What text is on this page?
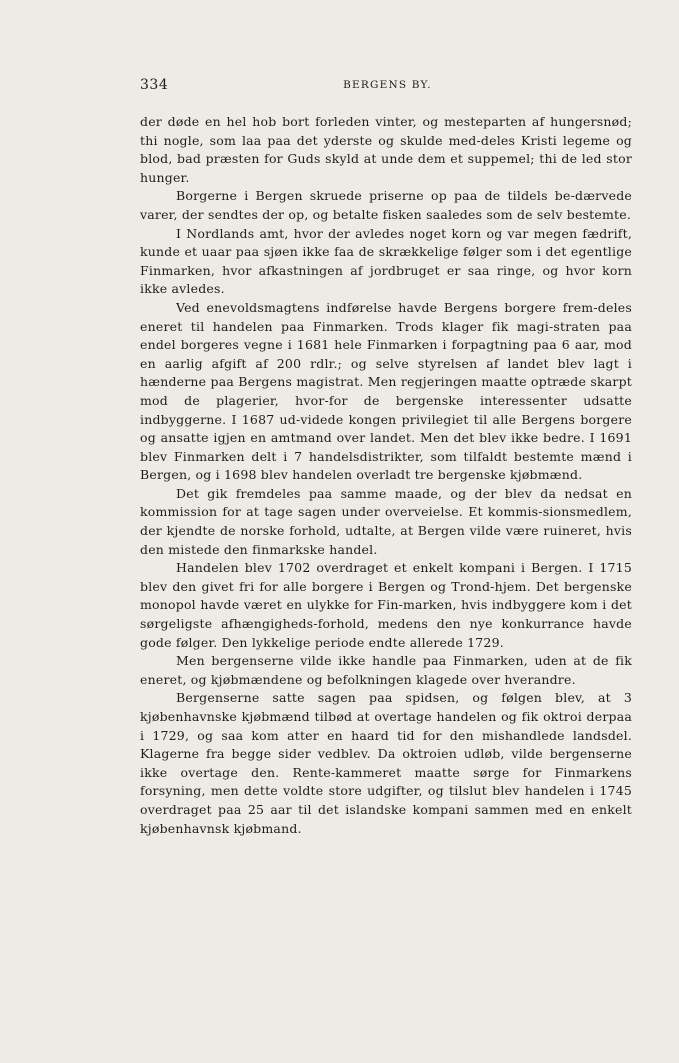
334	BERGENS BY.

der døde en hel hob bort forleden vinter, og mesteparten af hungersnød; thi nogle, som laa paa det yderste og skulde med-deles Kristi legeme og blod, bad præsten for Guds skyld at unde dem et suppemel; thi de led stor hunger.

Borgerne i Bergen skruede priserne op paa de tildels be-dærvede varer, der sendtes der op, og betalte fisken saaledes som de selv bestemte.

I Nordlands amt, hvor der avledes noget korn og var megen fædrift, kunde et uaar paa sjøen ikke faa de skrækkelige følger som i det egentlige Finmarken, hvor afkastningen af jordbruget er saa ringe, og hvor korn ikke avledes.

Ved enevoldsmagtens indførelse havde Bergens borgere frem-deles eneret til handelen paa Finmarken. Trods klager fik magi-straten paa endel borgeres vegne i 1681 hele Finmarken i forpagtning paa 6 aar, mod en aarlig afgift af 200 rdlr.; og selve styrelsen af landet blev lagt i hænderne paa Bergens magistrat. Men regjeringen maatte optræde skarpt mod de plagerier, hvor-for de bergenske interessenter udsatte indbyggerne. I 1687 ud-videde kongen privilegiet til alle Bergens borgere og ansatte igjen en amtmand over landet. Men det blev ikke bedre. I 1691 blev Finmarken delt i 7 handelsdistrikter, som tilfaldt bestemte mænd i Bergen, og i 1698 blev handelen overladt tre bergenske kjøbmænd.

Det gik fremdeles paa samme maade, og der blev da nedsat en kommission for at tage sagen under overveielse. Et kommis-sionsmedlem, der kjendte de norske forhold, udtalte, at Bergen vilde være ruineret, hvis den mistede den finmarkske handel.

Handelen blev 1702 overdraget et enkelt kompani i Bergen. I 1715 blev den givet fri for alle borgere i Bergen og Trond-hjem. Det bergenske monopol havde været en ulykke for Fin-marken, hvis indbyggere kom i det sørgeligste afhængigheds-forhold, medens den nye konkurrance havde gode følger. Den lykkelige periode endte allerede 1729.

Men bergenserne vilde ikke handle paa Finmarken, uden at de fik eneret, og kjøbmændene og befolkningen klagede over hverandre.

Bergenserne satte sagen paa spidsen, og følgen blev, at 3 kjøbenhavnske kjøbmænd tilbød at overtage handelen og fik oktroi derpaa i 1729, og saa kom atter en haard tid for den mishandlede landsdel. Klagerne fra begge sider vedblev. Da oktroien udløb, vilde bergenserne ikke overtage den. Rente-kammeret maatte sørge for Finmarkens forsyning, men dette voldte store udgifter, og tilslut blev handelen i 1745 overdraget paa 25 aar til det islandske kompani sammen med en enkelt kjøbenhavnsk kjøbmand.
